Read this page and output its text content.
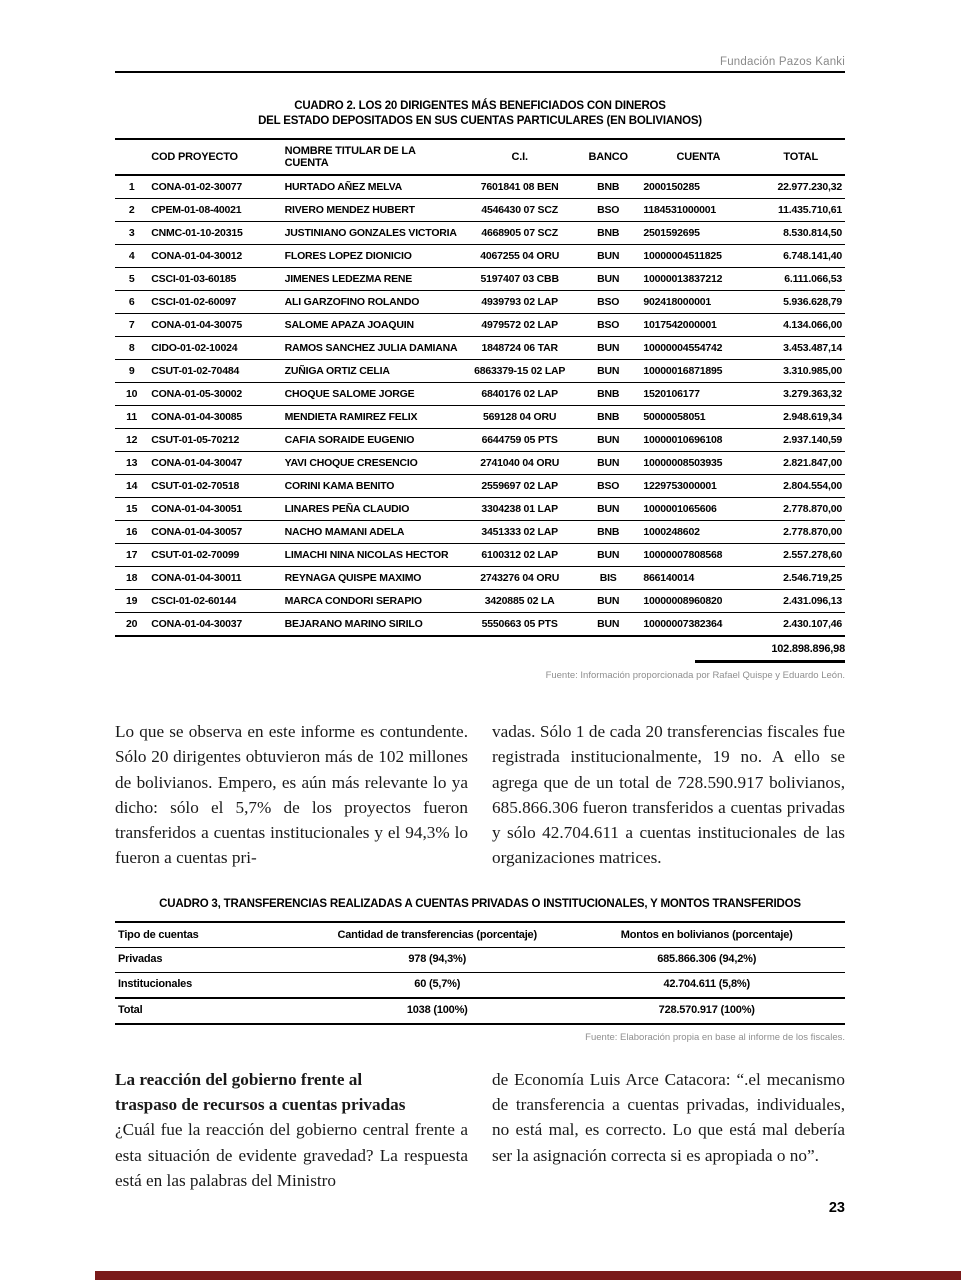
Fundación Pazos Kanki
CUADRO 2. LOS 20 DIRIGENTES MÁS BENEFICIADOS CON DINEROS
DEL ESTADO DEPOSITADOS EN SUS CUENTAS PARTICULARES (EN BOLIVIANOS)
	COD PROYECTO	NOMBRE TITULAR DE LA CUENTA	C.I.	BANCO	CUENTA	TOTAL
1	CONA-01-02-30077	HURTADO AÑEZ MELVA	7601841 08 BEN	BNB	2000150285	22.977.230,32
2	CPEM-01-08-40021	RIVERO MENDEZ HUBERT	4546430 07 SCZ	BSO	1184531000001	11.435.710,61
3	CNMC-01-10-20315	JUSTINIANO GONZALES VICTORIA	4668905 07 SCZ	BNB	2501592695	8.530.814,50
4	CONA-01-04-30012	FLORES LOPEZ DIONICIO	4067255 04 ORU	BUN	10000004511825	6.748.141,40
5	CSCI-01-03-60185	JIMENES LEDEZMA RENE	5197407 03 CBB	BUN	10000013837212	6.111.066,53
6	CSCI-01-02-60097	ALI GARZOFINO ROLANDO	4939793 02 LAP	BSO	902418000001	5.936.628,79
7	CONA-01-04-30075	SALOME APAZA JOAQUIN	4979572 02 LAP	BSO	1017542000001	4.134.066,00
8	CIDO-01-02-10024	RAMOS SANCHEZ JULIA DAMIANA	1848724 06 TAR	BUN	10000004554742	3.453.487,14
9	CSUT-01-02-70484	ZUÑIGA ORTIZ CELIA	6863379-15 02 LAP	BUN	10000016871895	3.310.985,00
10	CONA-01-05-30002	CHOQUE SALOME JORGE	6840176 02 LAP	BNB	1520106177	3.279.363,32
11	CONA-01-04-30085	MENDIETA RAMIREZ FELIX	569128 04 ORU	BNB	50000058051	2.948.619,34
12	CSUT-01-05-70212	CAFIA SORAIDE EUGENIO	6644759 05 PTS	BUN	10000010696108	2.937.140,59
13	CONA-01-04-30047	YAVI CHOQUE CRESENCIO	2741040 04 ORU	BUN	10000008503935	2.821.847,00
14	CSUT-01-02-70518	CORINI KAMA BENITO	2559697 02 LAP	BSO	1229753000001	2.804.554,00
15	CONA-01-04-30051	LINARES PEÑA CLAUDIO	3304238 01 LAP	BUN	1000001065606	2.778.870,00
16	CONA-01-04-30057	NACHO MAMANI ADELA	3451333 02 LAP	BNB	1000248602	2.778.870,00
17	CSUT-01-02-70099	LIMACHI NINA NICOLAS HECTOR	6100312 02 LAP	BUN	10000007808568	2.557.278,60
18	CONA-01-04-30011	REYNAGA QUISPE MAXIMO	2743276 04 ORU	BIS	866140014	2.546.719,25
19	CSCI-01-02-60144	MARCA CONDORI SERAPIO	3420885 02 LA	BUN	10000008960820	2.431.096,13
20	CONA-01-04-30037	BEJARANO MARINO SIRILO	5550663 05 PTS	BUN	10000007382364	2.430.107,46
102.898.896,98
Fuente: Información proporcionada por Rafael Quispe y Eduardo León.

Lo que se observa en este informe es contundente. Sólo 20 dirigentes obtuvieron más de 102 millones de bolivianos. Empero, es aún más relevante lo ya dicho: sólo el 5,7% de los proyectos fueron transferidos a cuentas institucionales y el 94,3% lo fueron a cuentas pri-

vadas. Sólo 1 de cada 20 transferencias fiscales fue registrada institucionalmente, 19 no. A ello se agrega que de un total de 728.590.917 bolivianos, 685.866.306 fueron transferidos a cuentas privadas y sólo 42.704.611 a cuentas institucionales de las organizaciones matrices.

CUADRO 3, TRANSFERENCIAS REALIZADAS A CUENTAS PRIVADAS O INSTITUCIONALES, Y MONTOS TRANSFERIDOS
Tipo de cuentas	Cantidad de transferencias (porcentaje)	Montos en bolivianos (porcentaje)
Privadas	978 (94,3%)	685.866.306 (94,2%)
Institucionales	60 (5,7%)	42.704.611 (5,8%)
Total	1038 (100%)	728.570.917 (100%)
Fuente: Elaboración propia en base al informe de los fiscales.
La reacción del gobierno frente al
traspaso de recursos a cuentas privadas

¿Cuál fue la reacción del gobierno central frente a esta situación de evidente gravedad? La respuesta está en las palabras del Ministro

de Economía Luis Arce Catacora: “.el mecanismo de transferencia a cuentas privadas, individuales, no está mal, es correcto. Lo que está mal debería ser la asignación correcta si es apropiada o no”.

23
